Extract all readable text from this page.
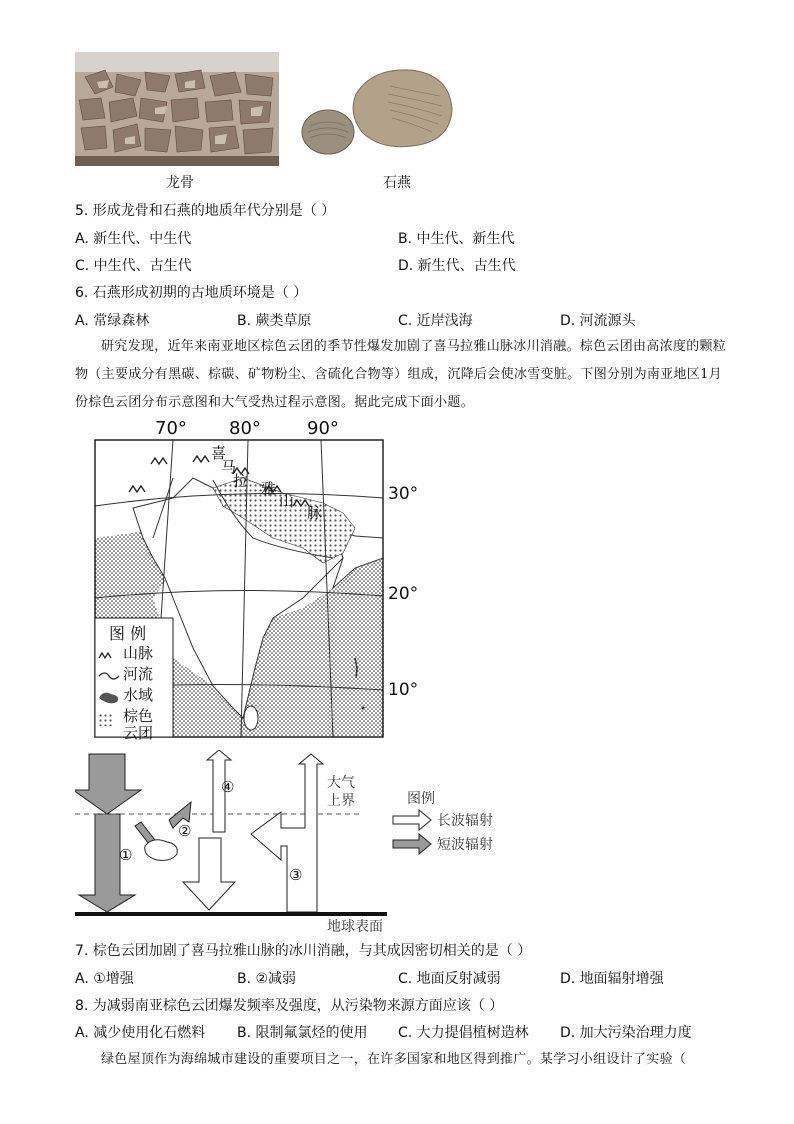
龙骨	石燕
5. 形成龙骨和石燕的地质年代分别是（ ）
A. 新生代、中生代	B. 中生代、新生代
C. 中生代、古生代	D. 新生代、古生代
6. 石燕形成初期的古地质环境是（ ）
A. 常绿森林	B. 蕨类草原	C. 近岸浅海	D. 河流源头
研究发现，近年来南亚地区棕色云团的季节性爆发加剧了喜马拉雅山脉冰川消融。棕色云团由高浓度的颗粒物（主要成分有黑碳、棕碳、矿物粉尘、含硫化合物等）组成，沉降后会使冰雪变脏。下图分别为南亚地区1月份棕色云团分布示意图和大气受热过程示意图。据此完成下面小题。
70° 80°	90°
30°
20°
10°
喜
马
拉 雅
山
脉
图 例
山脉
河流
水域
棕色
云团
①
②
③
④	大气
上界
地球表面
图例
长波辐射
短波辐射
7. 棕色云团加剧了喜马拉雅山脉的冰川消融，与其成因密切相关的是（ ）
A. ①增强	B. ②减弱	C. 地面反射减弱	D. 地面辐射增强
8. 为减弱南亚棕色云团爆发频率及强度，从污染物来源方面应该（ ）
A. 减少使用化石燃料 B. 限制氟氯烃的使用 C. 大力提倡植树造林 D. 加大污染治理力度
绿色屋顶作为海绵城市建设的重要项目之一，在许多国家和地区得到推广。某学习小组设计了实验（
